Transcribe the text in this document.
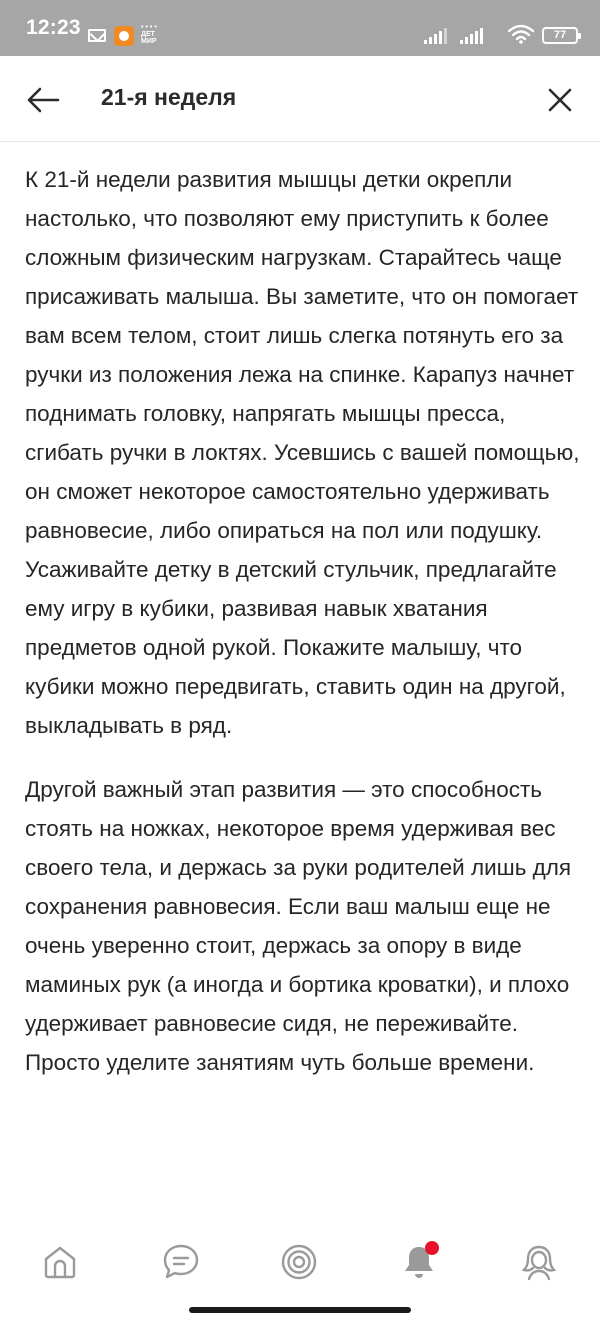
12:23	••••
ДЕТ
МИР
77
21-я неделя

К 21-й недели развития мышцы детки окрепли настолько, что позволяют ему приступить к более сложным физическим нагрузкам. Старайтесь чаще присаживать малыша. Вы заметите, что он помогает вам всем телом, стоит лишь слегка потянуть его за ручки из положения лежа на спинке. Карапуз начнет поднимать головку, напрягать мышцы пресса, сгибать ручки в локтях. Усевшись с вашей помощью, он сможет некоторое самостоятельно удерживать равновесие, либо опираться на пол или подушку. Усаживайте детку в детский стульчик, предлагайте ему игру в кубики, развивая навык хватания предметов одной рукой. Покажите малышу, что кубики можно передвигать, ставить один на другой, выкладывать в ряд.

Другой важный этап развития — это способность стоять на ножках, некоторое время удерживая вес своего тела, и держась за руки родителей лишь для сохранения равновесия. Если ваш малыш еще не очень уверенно стоит, держась за опору в виде маминых рук (а иногда и бортика кроватки), и плохо удерживает равновесие сидя, не переживайте. Просто уделите занятиям чуть больше времени.
